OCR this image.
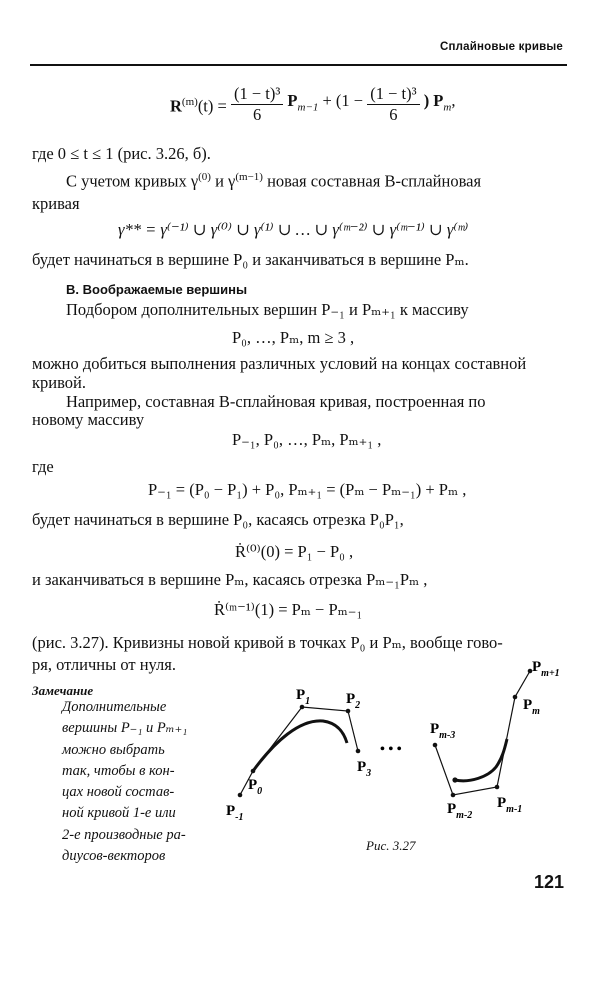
Сплайновые кривые
$R^{(m)}(t) = \frac{\text{(1 − t)³}}{6} P_{m-1} + (1 - \frac{\text{(1 − t)³}}{6}$ ) $P_m$,
где 0 ≤ t ≤ 1 (рис. 3.26, б).
С учетом кривых $\gamma^{(0)}$ и $\gamma^{(m-1)}$ новая составная B-сплайновая
кривая
γ** = γ⁽⁻¹⁾ ∪ γ⁽⁰⁾ ∪ γ⁽¹⁾ ∪ … ∪ γ⁽ᵐ⁻²⁾ ∪ γ⁽ᵐ⁻¹⁾ ∪ γ⁽ᵐ⁾
будет начинаться в вершине P₀ и заканчиваться в вершине Pₘ.
В. Воображаемые вершины
Подбором дополнительных вершин P₋₁ и Pₘ₊₁ к массиву
P₀, …, Pₘ, m ≥ 3 ,
можно добиться выполнения различных условий на концах составной
кривой.
Например, составная B-сплайновая кривая, построенная по
новому массиву
P₋₁, P₀, …, Pₘ, Pₘ₊₁ ,
где
P₋₁ = (P₀ − P₁) + P₀, Pₘ₊₁ = (Pₘ − Pₘ₋₁) + Pₘ ,
будет начинаться в вершине P₀, касаясь отрезка P₀P₁,
Ṙ⁽⁰⁾(0) = P₁ − P₀ ,
и заканчиваться в вершине Pₘ, касаясь отрезка Pₘ₋₁Pₘ ,
Ṙ⁽ᵐ⁻¹⁾(1) = Pₘ − Pₘ₋₁
(рис. 3.27). Кривизны новой кривой в точках P₀ и Pₘ, вообще гово-
ря, отличны от нуля.
Замечание
Дополнительные
вершины P₋₁ и Pₘ₊₁
можно выбрать
так, чтобы в кон-
цах новой состав-
ной кривой 1-е или
2-е производные ра-
диусов-векторов
$P_{-1}$
$P_0$
$P_1$ $P_2$
$P_3$
• • •
$P_{m-3}$
$P_{m-2}$
$P_{m-1}$
$P_m$
$P_{m+1}$
Рис. 3.27
121
